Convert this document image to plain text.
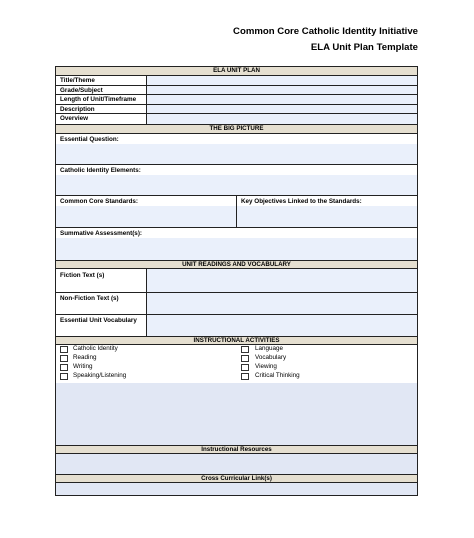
Common Core Catholic Identity Initiative
ELA Unit Plan Template
ELA UNIT PLAN
Title/Theme
Grade/Subject
Length of Unit/Timeframe
Description
Overview
THE BIG PICTURE
Essential Question:
Catholic Identity Elements:
Common Core Standards:	Key Objectives Linked to the Standards:
Summative Assessment(s):
UNIT READINGS AND VOCABULARY
Fiction Text (s)
Non-Fiction Text (s)
Essential Unit Vocabulary
INSTRUCTIONAL ACTIVITIES
Catholic Identity
Reading
Writing
Speaking/Listening
Language
Vocabulary
Viewing
Critical Thinking
Instructional Resources
Cross Curricular Link(s)
